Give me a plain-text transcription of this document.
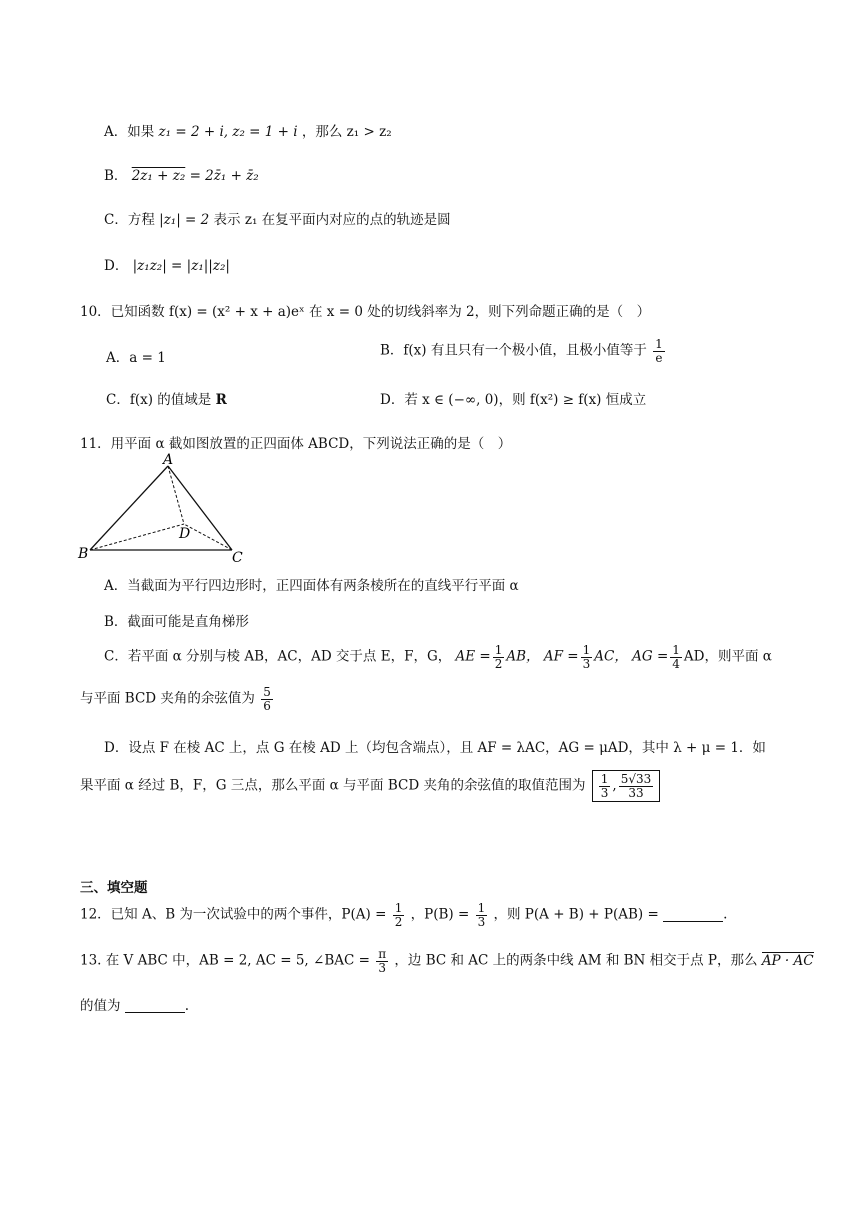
A．如果 z₁ = 2 + i, z₂ = 1 + i ，那么 z₁ > z₂
B． 2z₁ + z₂ = 2z̄₁ + z̄₂
C．方程 |z₁| = 2 表示 z₁ 在复平面内对应的点的轨迹是圆
D． |z₁z₂| = |z₁||z₂|
10．已知函数 f(x) = (x² + x + a)eˣ 在 x = 0 处的切线斜率为 2，则下列命题正确的是（　）
A．a = 1	B．f(x) 有且只有一个极小值，且极小值等于 $\frac{1}{e}$
C．f(x) 的值域是 R	D．若 x ∈ (−∞, 0)，则 f(x²) ≥ f(x) 恒成立
11．用平面 α 截如图放置的正四面体 ABCD，下列说法正确的是（　）
A
B	C
D
A．当截面为平行四边形时，正四面体有两条棱所在的直线平行平面 α
B．截面可能是直角梯形
C．若平面 α 分别与棱 AB，AC，AD 交于点 E，F，G， AE = $\frac{1}{2}$ AB， AF = $\frac{1}{3}$ AC， AG = $\frac{1}{4}$ AD，则平面 α
与平面 BCD 夹角的余弦值为 $\frac{5}{6}$
D．设点 F 在棱 AC 上，点 G 在棱 AD 上（均包含端点），且 AF = λAC，AG = μAD，其中 λ + μ = 1．如
果平面 α 经过 B，F，G 三点，那么平面 α 与平面 BCD 夹角的余弦值的取值范围为 $\frac{1}{3}$ , $\frac{5√33}{33}$
三、填空题
12．已知 A、B 为一次试验中的两个事件，$P(A) = \frac{1}{2}$ ，$P(B) = \frac{1}{3}$ ，则 P(A + B) + P(AB) =	.
13. 在 V ABC 中，AB = 2, AC = 5, ∠BAC = $\frac{\pi}{3}$ ，边 BC 和 AC 上的两条中线 AM 和 BN 相交于点 P，那么 AP · AC
的值为	.
